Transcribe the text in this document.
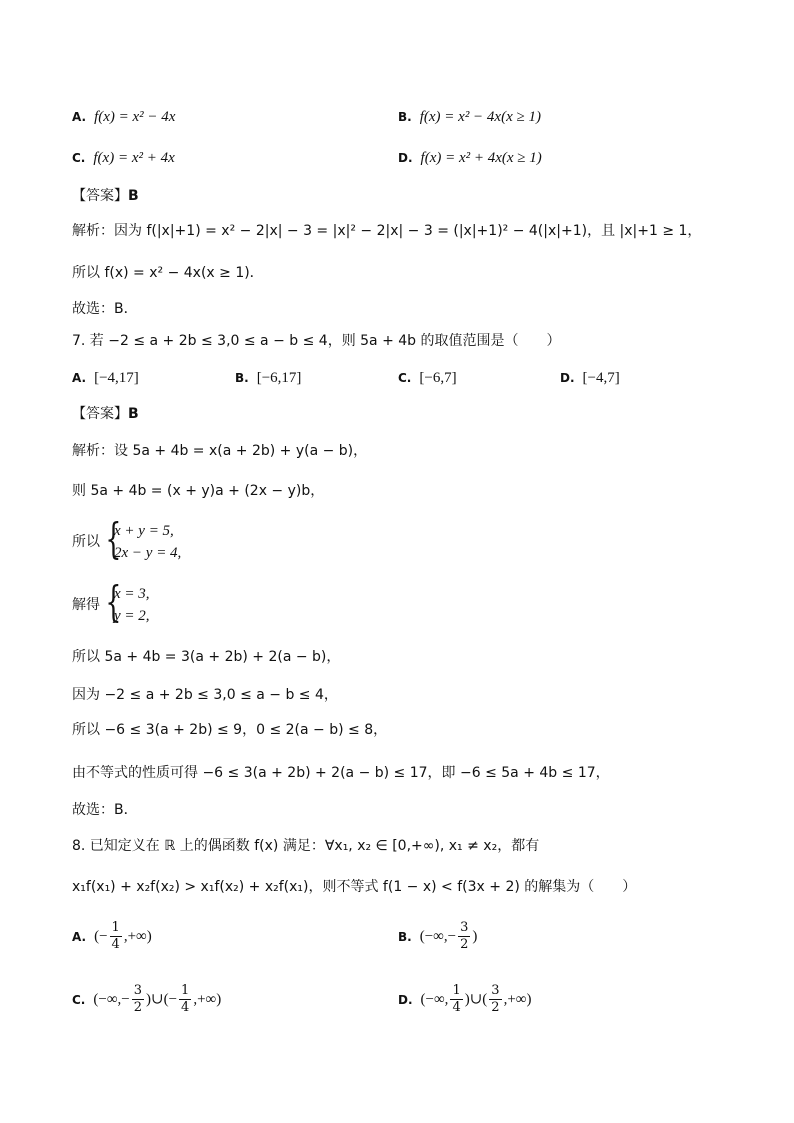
A. f(x) = x² − 4x	B. f(x) = x² − 4x(x ≥ 1)
C. f(x) = x² + 4x	D. f(x) = x² + 4x(x ≥ 1)
【答案】B
解析：因为 f(|x|+1) = x² − 2|x| − 3 = |x|² − 2|x| − 3 = (|x|+1)² − 4(|x|+1)，且 |x|+1 ≥ 1，
所以 f(x) = x² − 4x(x ≥ 1)．
故选：B．
7. 若 −2 ≤ a + 2b ≤ 3,0 ≤ a − b ≤ 4，则 5a + 4b 的取值范围是（　　）
A. [−4,17]	B. [−6,17]	C. [−6,7]	D. [−4,7]
【答案】B
解析：设 5a + 4b = x(a + 2b) + y(a − b)，
则 5a + 4b = (x + y)a + (2x − y)b，
所以 {
x + y = 5,
2x − y = 4,
解得 {
x = 3,
y = 2,
所以 5a + 4b = 3(a + 2b) + 2(a − b)，
因为 −2 ≤ a + 2b ≤ 3,0 ≤ a − b ≤ 4，
所以 −6 ≤ 3(a + 2b) ≤ 9，0 ≤ 2(a − b) ≤ 8，
由不等式的性质可得 −6 ≤ 3(a + 2b) + 2(a − b) ≤ 17，即 −6 ≤ 5a + 4b ≤ 17，
故选：B．
8. 已知定义在 ℝ 上的偶函数 f(x) 满足：∀x₁, x₂ ∈ [0,+∞), x₁ ≠ x₂，都有
x₁f(x₁) + x₂f(x₂) > x₁f(x₂) + x₂f(x₁)，则不等式 f(1 − x) < f(3x + 2) 的解集为（　　）
A. (− $\frac{1}{4}$ ,+∞)	B. (−∞,− $\frac{3}{2}$ )
C. (−∞,− $\frac{3}{2}$ )∪(− $\frac{1}{4}$ ,+∞)	D. (−∞, $\frac{1}{4}$ )∪( $\frac{3}{2}$ ,+∞)
